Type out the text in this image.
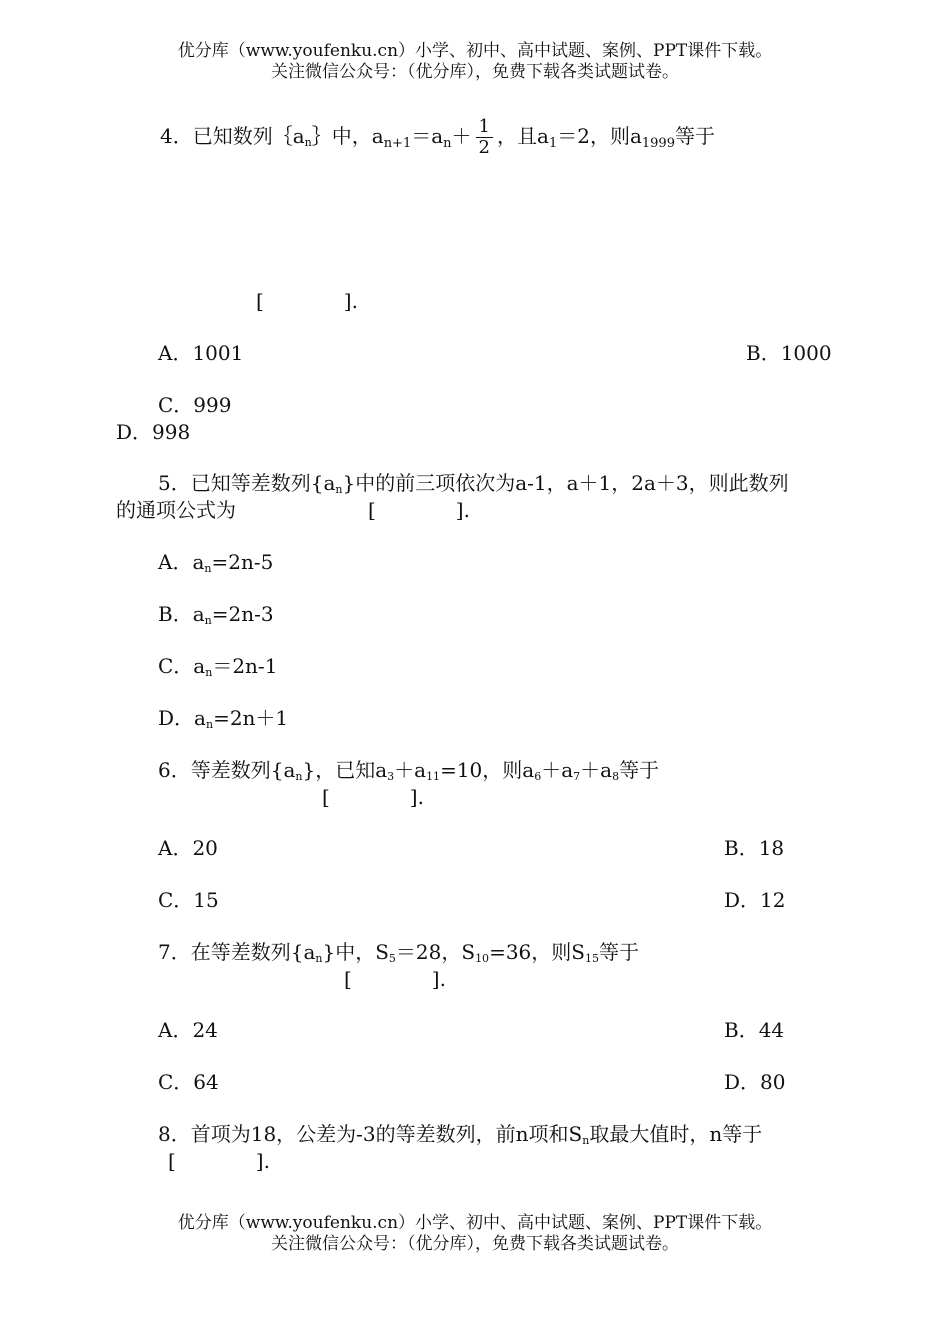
优分库（www.youfenku.cn）小学、初中、高中试题、案例、PPT课件下载。
关注微信公众号：（优分库），免费下载各类试题试卷。
4．已知数列$\{a_n\}$中，$a_{n+1}=a_n+ \frac{1}{2}$ ，且$a_1=2$，则$a_{1999}$等于
[　　　　].
A．1001	B．1000
C．999
D．998
5．已知等差数列$\{a_n\}$中的前三项依次为a-1，a＋1，2a＋3，则此数列
的通项公式为	[　　　　].
A．$a_n=2n-5$
B．$a_n=2n-3$
C．$a_n=2n-1$
D．$a_n=2n+1$
6．等差数列$\{a_n\}$，已知$a_3+a_{11}=10$，则$a_6+a_7+a_8$等于
[　　　　].
A．20	B．18
C．15	D．12
7．在等差数列$\{a_n\}$中，$S_5=28$，$S_{10}=36$，则$S_{15}$等于
[　　　　].
A．24	B．44
C．64	D．80
8．首项为18，公差为-3的等差数列，前n项和$S_n$取最大值时，n等于
[　　　　].
优分库（www.youfenku.cn）小学、初中、高中试题、案例、PPT课件下载。
关注微信公众号：（优分库），免费下载各类试题试卷。
